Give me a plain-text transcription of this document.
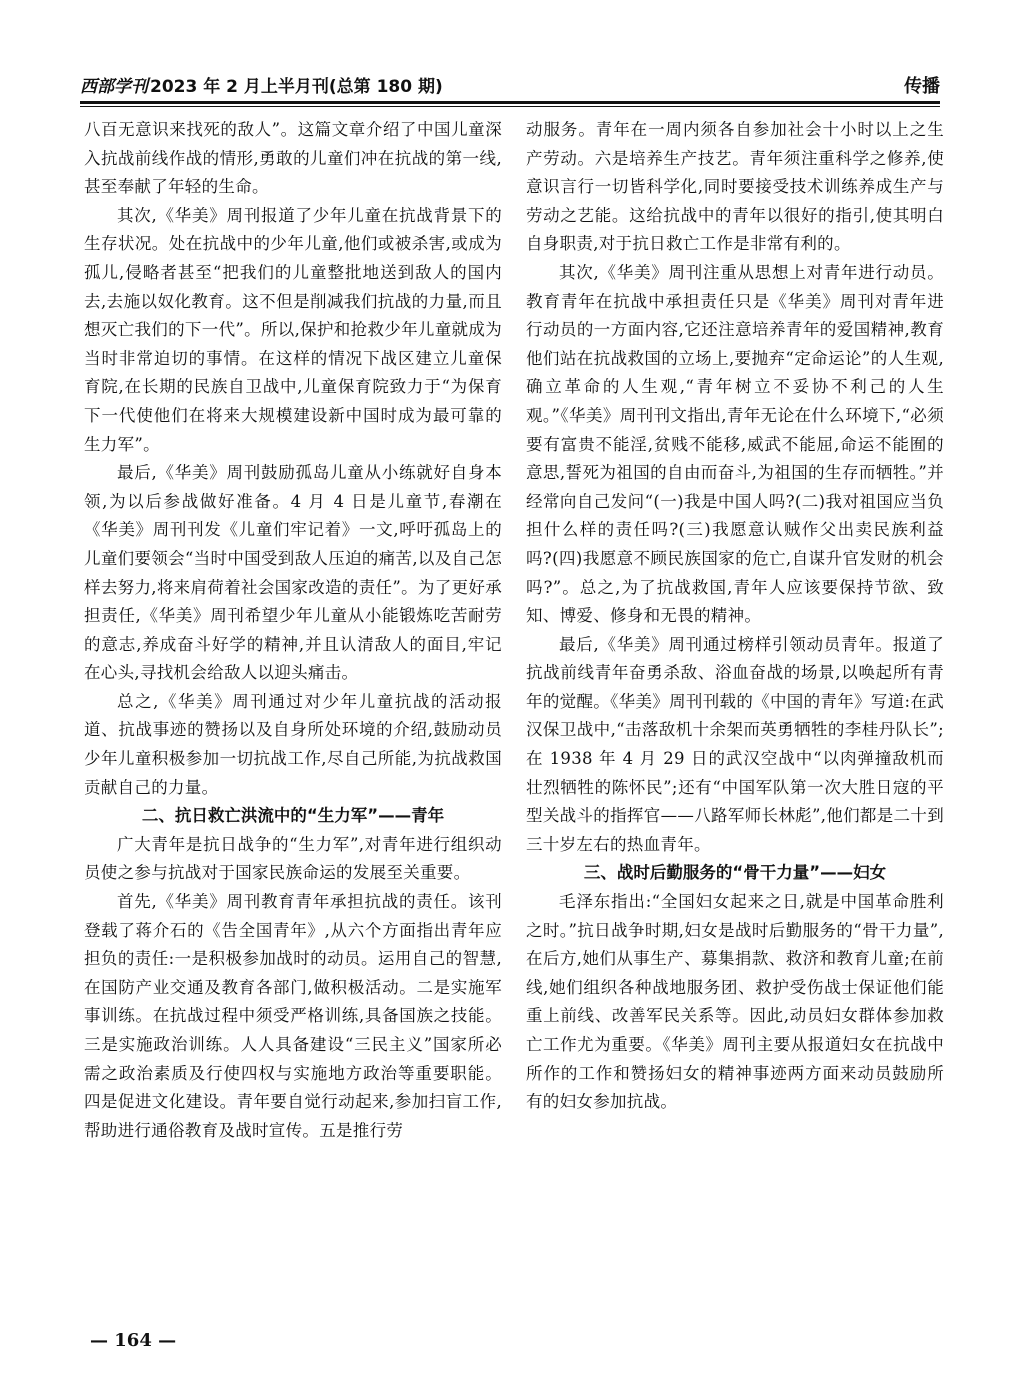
西部学刊 2023 年 2 月上半月刊(总第 180 期)	传播

八百无意识来找死的敌人”。这篇文章介绍了中国儿童深入抗战前线作战的情形,勇敢的儿童们冲在抗战的第一线,甚至奉献了年轻的生命。

其次,《华美》周刊报道了少年儿童在抗战背景下的生存状况。处在抗战中的少年儿童,他们或被杀害,或成为孤儿,侵略者甚至“把我们的儿童整批地送到敌人的国内去,去施以奴化教育。这不但是削减我们抗战的力量,而且想灭亡我们的下一代”。所以,保护和抢救少年儿童就成为当时非常迫切的事情。在这样的情况下战区建立儿童保育院,在长期的民族自卫战中,儿童保育院致力于“为保育下一代使他们在将来大规模建设新中国时成为最可靠的生力军”。

最后,《华美》周刊鼓励孤岛儿童从小练就好自身本领,为以后参战做好准备。4 月 4 日是儿童节,春潮在《华美》周刊刊发《儿童们牢记着》一文,呼吁孤岛上的儿童们要领会“当时中国受到敌人压迫的痛苦,以及自己怎样去努力,将来肩荷着社会国家改造的责任”。为了更好承担责任,《华美》周刊希望少年儿童从小能锻炼吃苦耐劳的意志,养成奋斗好学的精神,并且认清敌人的面目,牢记在心头,寻找机会给敌人以迎头痛击。

总之,《华美》周刊通过对少年儿童抗战的活动报道、抗战事迹的赞扬以及自身所处环境的介绍,鼓励动员少年儿童积极参加一切抗战工作,尽自己所能,为抗战救国贡献自己的力量。

二、抗日救亡洪流中的“生力军”——青年

广大青年是抗日战争的“生力军”,对青年进行组织动员使之参与抗战对于国家民族命运的发展至关重要。

首先,《华美》周刊教育青年承担抗战的责任。该刊登载了蒋介石的《告全国青年》,从六个方面指出青年应担负的责任:一是积极参加战时的动员。运用自己的智慧,在国防产业交通及教育各部门,做积极活动。二是实施军事训练。在抗战过程中须受严格训练,具备国族之技能。三是实施政治训练。人人具备建设“三民主义”国家所必需之政治素质及行使四权与实施地方政治等重要职能。四是促进文化建设。青年要自觉行动起来,参加扫盲工作,帮助进行通俗教育及战时宣传。五是推行劳

动服务。青年在一周内须各自参加社会十小时以上之生产劳动。六是培养生产技艺。青年须注重科学之修养,使意识言行一切皆科学化,同时要接受技术训练养成生产与劳动之艺能。这给抗战中的青年以很好的指引,使其明白自身职责,对于抗日救亡工作是非常有利的。

其次,《华美》周刊注重从思想上对青年进行动员。教育青年在抗战中承担责任只是《华美》周刊对青年进行动员的一方面内容,它还注意培养青年的爱国精神,教育他们站在抗战救国的立场上,要抛弃“定命运论”的人生观,确立革命的人生观,“青年树立不妥协不利己的人生观。”《华美》周刊刊文指出,青年无论在什么环境下,“必须要有富贵不能淫,贫贱不能移,威武不能屈,命运不能囿的意思,誓死为祖国的自由而奋斗,为祖国的生存而牺牲。”并经常向自己发问“(一)我是中国人吗?(二)我对祖国应当负担什么样的责任吗?(三)我愿意认贼作父出卖民族利益吗?(四)我愿意不顾民族国家的危亡,自谋升官发财的机会吗?”。总之,为了抗战救国,青年人应该要保持节欲、致知、博爱、修身和无畏的精神。

最后,《华美》周刊通过榜样引领动员青年。报道了抗战前线青年奋勇杀敌、浴血奋战的场景,以唤起所有青年的觉醒。《华美》周刊刊载的《中国的青年》写道:在武汉保卫战中,“击落敌机十余架而英勇牺牲的李桂丹队长”;在 1938 年 4 月 29 日的武汉空战中“以肉弹撞敌机而壮烈牺牲的陈怀民”;还有“中国军队第一次大胜日寇的平型关战斗的指挥官——八路军师长林彪”,他们都是二十到三十岁左右的热血青年。

三、战时后勤服务的“骨干力量”——妇女

毛泽东指出:“全国妇女起来之日,就是中国革命胜利之时。”抗日战争时期,妇女是战时后勤服务的“骨干力量”,在后方,她们从事生产、募集捐款、救济和教育儿童;在前线,她们组织各种战地服务团、救护受伤战士保证他们能重上前线、改善军民关系等。因此,动员妇女群体参加救亡工作尤为重要。《华美》周刊主要从报道妇女在抗战中所作的工作和赞扬妇女的精神事迹两方面来动员鼓励所有的妇女参加抗战。

— 164 —
